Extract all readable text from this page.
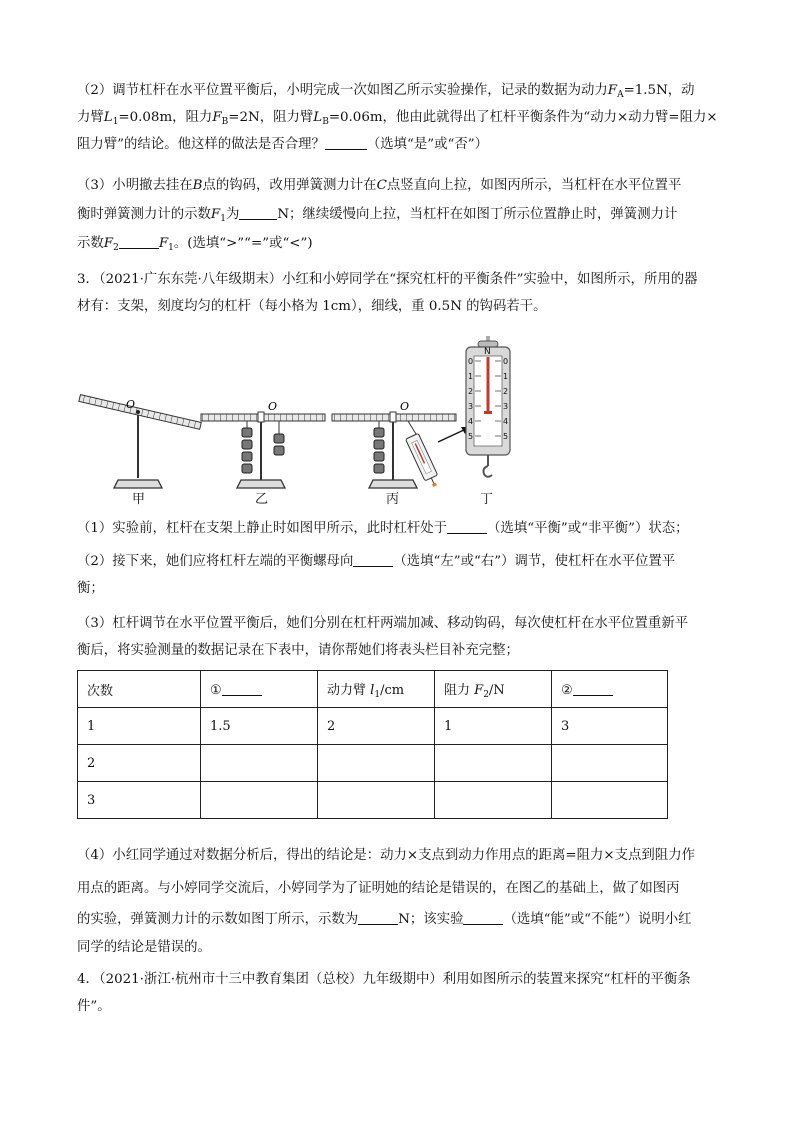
（2）调节杠杆在水平位置平衡后，小明完成一次如图乙所示实验操作，记录的数据为动力$F_A=1.5N$，动
力臂$L_1=0.08m$，阻力$F_B=2N$，阻力臂$L_B=0.06m$，他由此就得出了杠杆平衡条件为“动力×动力臂=阻力×
阻力臂”的结论。他这样的做法是否合理？	（选填“是”或“否”）
（3）小明撤去挂在B点的钩码，改用弹簧测力计在C点竖直向上拉，如图丙所示，当杠杆在水平位置平
衡时弹簧测力计的示数$F_1$为	N；继续缓慢向上拉，当杠杆在如图丁所示位置静止时，弹簧测力计
示数$F_2$	$F_1$。(选填“>”“=”或“<”)
3．（2021·广东东莞·八年级期末）小红和小婷同学在“探究杠杆的平衡条件”实验中，如图所示，所用的器
材有：支架，刻度均匀的杠杆（每小格为 1cm），细线，重 0.5N 的钩码若干。
O	O	O
N
0
1
2
3
4
5
0
1
2
3
4
5
甲	乙	丙	丁
（1）实验前，杠杆在支架上静止时如图甲所示，此时杠杆处于	（选填“平衡”或“非平衡”）状态；
（2）接下来，她们应将杠杆左端的平衡螺母向	（选填“左”或“右”）调节，使杠杆在水平位置平
衡；
（3）杠杆调节在水平位置平衡后，她们分别在杠杆两端加减、移动钩码，每次使杠杆在水平位置重新平
衡后，将实验测量的数据记录在下表中，请你帮她们将表头栏目补充完整；
次数	①	动力臂 $l_1/cm$	阻力 $F_2/N$	②
1	1.5	2	1	3
2				
3				
（4）小红同学通过对数据分析后，得出的结论是：动力×支点到动力作用点的距离=阻力×支点到阻力作
用点的距离。与小婷同学交流后，小婷同学为了证明她的结论是错误的，在图乙的基础上，做了如图丙
的实验，弹簧测力计的示数如图丁所示，示数为	N；该实验	（选填“能”或“不能”）说明小红
同学的结论是错误的。
4．（2021·浙江·杭州市十三中教育集团（总校）九年级期中）利用如图所示的装置来探究“杠杆的平衡条
件”。
